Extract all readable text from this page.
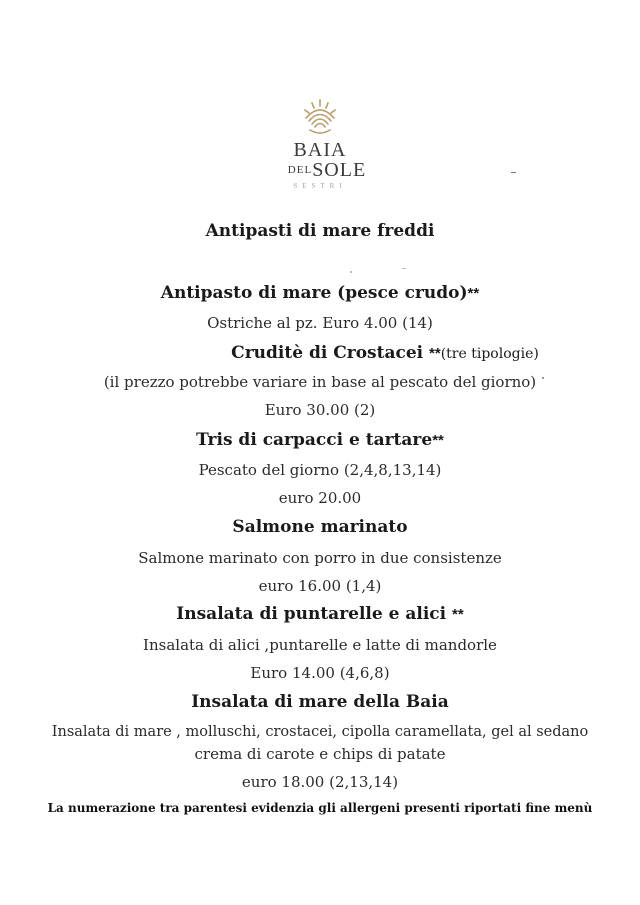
BAIA
DELSOLE
SESTRI
Antipasti di mare freddi
Antipasto di mare (pesce crudo)**
Ostriche al pz. Euro 4.00 (14)
Cruditè di Crostacei **(tre tipologie)
(il prezzo potrebbe variare in base al pescato del giorno)
Euro 30.00 (2)
Tris di carpacci e tartare**
Pescato del giorno (2,4,8,13,14)
euro 20.00
Salmone marinato
Salmone marinato con porro in due consistenze
euro 16.00 (1,4)
Insalata di puntarelle e alici **
Insalata di alici ,puntarelle e latte di mandorle
Euro 14.00 (4,6,8)
Insalata di mare della Baia
Insalata di mare , molluschi, crostacei, cipolla caramellata, gel al sedano
crema di carote e chips di patate
euro 18.00 (2,13,14)
La numerazione tra parentesi evidenzia gli allergeni presenti riportati fine menù
